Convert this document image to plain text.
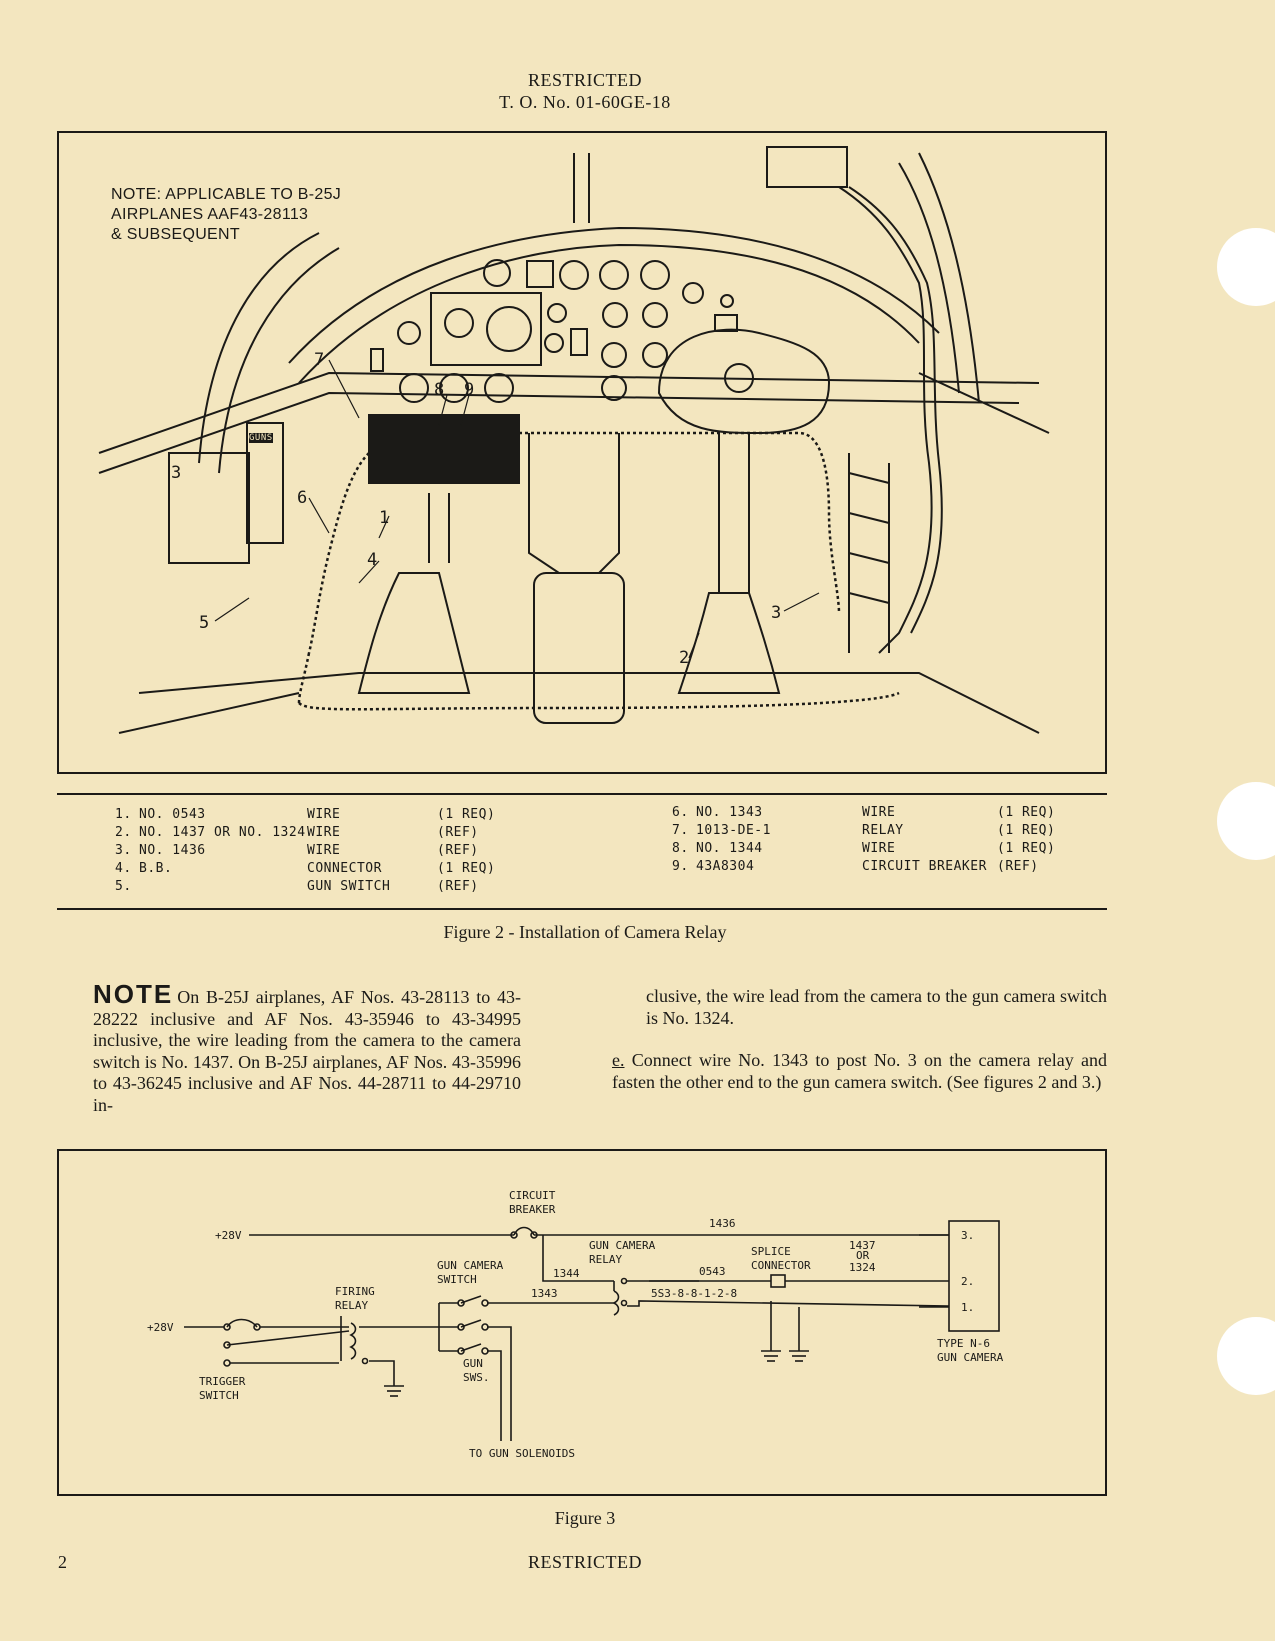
RESTRICTED
T. O. No. 01-60GE-18
1
2
3
4
5
6
7
8 9
3
NOTE: APPLICABLE TO B-25J
AIRPLANES AAF43-28113
& SUBSEQUENT
GUNS
1. NO. 0543	WIRE	(1 REQ)
2. NO. 1437 OR NO. 1324 WIRE	(REF)
3. NO. 1436	WIRE	(REF)
4. B.B.	CONNECTOR	(1 REQ)
5.	GUN SWITCH	(REF)
6. NO. 1343	WIRE	(1 REQ)
7. 1013-DE-1	RELAY	(1 REQ)
8. NO. 1344	WIRE	(1 REQ)
9. 43A8304	CIRCUIT BREAKER (REF)
Figure 2 - Installation of Camera Relay
NOTE On B-25J airplanes, AF Nos. 43-28113 to 43-28222 inclusive and AF Nos. 43-35946 to 43-34995 inclusive, the wire leading from the camera to the camera switch is No. 1437. On B-25J airplanes, AF Nos. 43-35996 to 43-36245 inclusive and AF Nos. 44-28711 to 44-29710 in-
clusive, the wire lead from the camera to the gun camera switch is No. 1324.
e. Connect wire No. 1343 to post No. 3 on the camera relay and fasten the other end to the gun camera switch. (See figures 2 and 3.)
CIRCUIT
BREAKER
+28V
1436
GUN CAMERA
RELAY
1344	0543
SPLICE
CONNECTOR
1437
OR
1324
GUN CAMERA
SWITCH
1343	5S3-8-8-1-2-8
FIRING
RELAY
+28V
TRIGGER
SWITCH
GUN
SWS.
TO GUN SOLENOIDS
3.
2.
1.
TYPE N-6
GUN CAMERA
Figure 3
2	RESTRICTED
